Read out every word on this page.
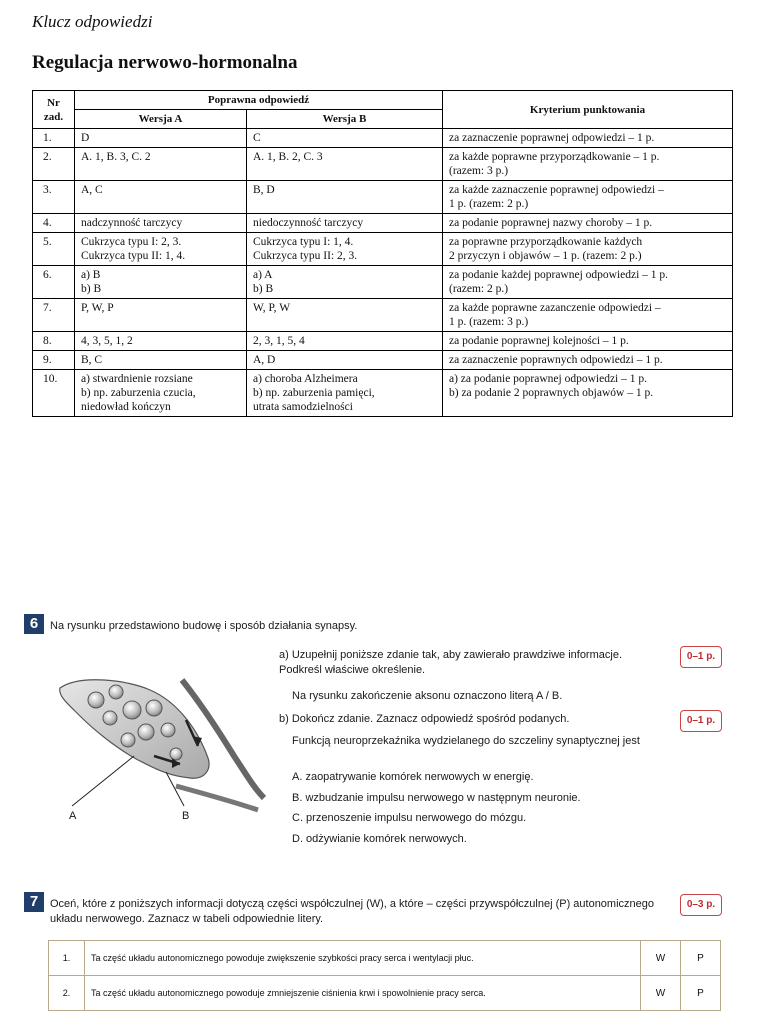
Klucz odpowiedzi
Regulacja nerwowo-hormonalna
Nr
zad.	Poprawna odpowiedź		Kryterium punktowania
	Wersja A	Wersja B	
1.	D	C	za zaznaczenie poprawnej odpowiedzi – 1 p.
2.	A. 1, B. 3, C. 2	A. 1, B. 2, C. 3	za każde poprawne przyporządkowanie – 1 p.
(razem: 3 p.)
3.	A, C	B, D	za każde zaznaczenie poprawnej odpowiedzi –
1 p. (razem: 2 p.)
4.	nadczynność tarczycy	niedoczynność tarczycy	za podanie poprawnej nazwy choroby – 1 p.
5.	Cukrzyca typu I: 2, 3.
Cukrzyca typu II: 1, 4.	Cukrzyca typu I: 1, 4.
Cukrzyca typu II: 2, 3.	za poprawne przyporządkowanie każdych
2 przyczyn i objawów – 1 p. (razem: 2 p.)
6.	a) B
b) B	a) A
b) B	za podanie każdej poprawnej odpowiedzi – 1 p.
(razem: 2 p.)
7.	P, W, P	W, P, W	za każde poprawne zazanczenie odpowiedzi –
1 p. (razem: 3 p.)
8.	4, 3, 5, 1, 2	2, 3, 1, 5, 4	za podanie poprawnej kolejności – 1 p.
9.	B, C	A, D	za zaznaczenie poprawnych odpowiedzi – 1 p.
10.	a) stwardnienie rozsiane
b) np. zaburzenia czucia,
niedowład kończyn	a) choroba Alzheimera
b) np. zaburzenia pamięci,
utrata samodzielności	a) za podanie poprawnej odpowiedzi – 1 p.
b) za podanie 2 poprawnych objawów – 1 p.
6	Na rysunku przedstawiono budowę i sposób działania synapsy.
A	B
a) Uzupełnij poniższe zdanie tak, aby zawierało prawdziwe informacje. Podkreśl właściwe określenie.
0–1 p.
Na rysunku zakończenie aksonu oznaczono literą A / B.
b) Dokończ zdanie. Zaznacz odpowiedź spośród podanych.	0–1 p.
Funkcją neuroprzekaźnika wydzielanego do szczeliny synaptycznej jest
A. zaopatrywanie komórek nerwowych w energię.
B. wzbudzanie impulsu nerwowego w następnym neuronie.
C. przenoszenie impulsu nerwowego do mózgu.
D. odżywianie komórek nerwowych.
7	Oceń, które z poniższych informacji dotyczą części współczulnej (W), a które – części przywspółczulnej (P) autonomicznego układu nerwowego. Zaznacz w tabeli odpowiednie litery.
0–3 p.
1.	Ta część układu autonomicznego powoduje zwiększenie szybkości pracy serca i wentylacji płuc.	W	P
2.	Ta część układu autonomicznego powoduje zmniejszenie ciśnienia krwi i spowolnienie pracy serca.	W	P
